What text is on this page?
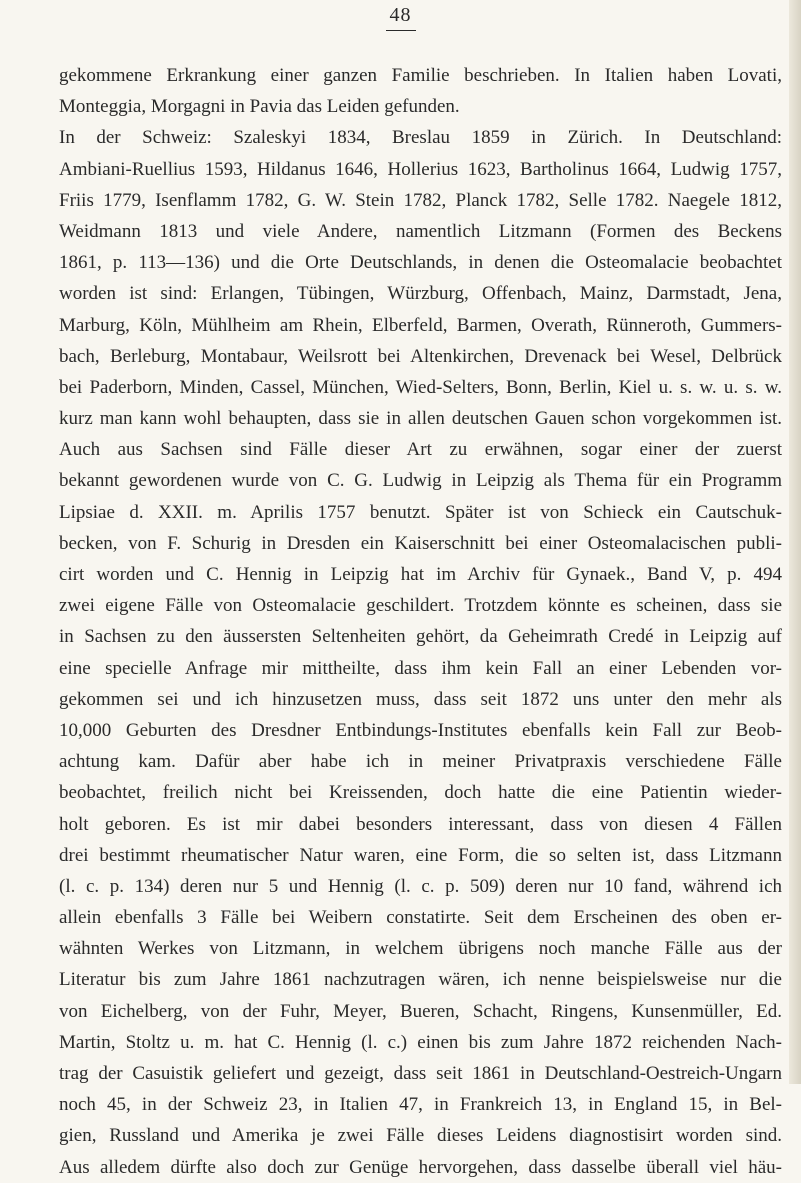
48
gekommene Erkrankung einer ganzen Familie beschrieben. In Italien haben Lovati,
Monteggia, Morgagni in Pavia das Leiden gefunden.
In der Schweiz: Szaleskyi 1834, Breslau 1859 in Zürich. In Deutschland:
Ambiani-Ruellius 1593, Hildanus 1646, Hollerius 1623, Bartholinus 1664, Ludwig 1757,
Friis 1779, Isenflamm 1782, G. W. Stein 1782, Planck 1782, Selle 1782. Naegele 1812,
Weidmann 1813 und viele Andere, namentlich Litzmann (Formen des Beckens
1861, p. 113—136) und die Orte Deutschlands, in denen die Osteomalacie beobachtet
worden ist sind: Erlangen, Tübingen, Würzburg, Offenbach, Mainz, Darmstadt, Jena,
Marburg, Köln, Mühlheim am Rhein, Elberfeld, Barmen, Overath, Rünneroth, Gummers-
bach, Berleburg, Montabaur, Weilsrott bei Altenkirchen, Drevenack bei Wesel, Delbrück
bei Paderborn, Minden, Cassel, München, Wied-Selters, Bonn, Berlin, Kiel u. s. w. u. s. w.
kurz man kann wohl behaupten, dass sie in allen deutschen Gauen schon vorgekommen ist.
Auch aus Sachsen sind Fälle dieser Art zu erwähnen, sogar einer der zuerst
bekannt gewordenen wurde von C. G. Ludwig in Leipzig als Thema für ein Programm
Lipsiae d. XXII. m. Aprilis 1757 benutzt. Später ist von Schieck ein Cautschuk-
becken, von F. Schurig in Dresden ein Kaiserschnitt bei einer Osteomalacischen publi-
cirt worden und C. Hennig in Leipzig hat im Archiv für Gynaek., Band V, p. 494
zwei eigene Fälle von Osteomalacie geschildert. Trotzdem könnte es scheinen, dass sie
in Sachsen zu den äussersten Seltenheiten gehört, da Geheimrath Credé in Leipzig auf
eine specielle Anfrage mir mittheilte, dass ihm kein Fall an einer Lebenden vor-
gekommen sei und ich hinzusetzen muss, dass seit 1872 uns unter den mehr als
10,000 Geburten des Dresdner Entbindungs-Institutes ebenfalls kein Fall zur Beob-
achtung kam. Dafür aber habe ich in meiner Privatpraxis verschiedene Fälle
beobachtet, freilich nicht bei Kreissenden, doch hatte die eine Patientin wieder-
holt geboren. Es ist mir dabei besonders interessant, dass von diesen 4 Fällen
drei bestimmt rheumatischer Natur waren, eine Form, die so selten ist, dass Litzmann
(l. c. p. 134) deren nur 5 und Hennig (l. c. p. 509) deren nur 10 fand, während ich
allein ebenfalls 3 Fälle bei Weibern constatirte. Seit dem Erscheinen des oben er-
wähnten Werkes von Litzmann, in welchem übrigens noch manche Fälle aus der
Literatur bis zum Jahre 1861 nachzutragen wären, ich nenne beispielsweise nur die
von Eichelberg, von der Fuhr, Meyer, Bueren, Schacht, Ringens, Kunsenmüller, Ed.
Martin, Stoltz u. m. hat C. Hennig (l. c.) einen bis zum Jahre 1872 reichenden Nach-
trag der Casuistik geliefert und gezeigt, dass seit 1861 in Deutschland-Oestreich-Ungarn
noch 45, in der Schweiz 23, in Italien 47, in Frankreich 13, in England 15, in Bel-
gien, Russland und Amerika je zwei Fälle dieses Leidens diagnostisirt worden sind.
Aus alledem dürfte also doch zur Genüge hervorgehen, dass dasselbe überall viel häu-
